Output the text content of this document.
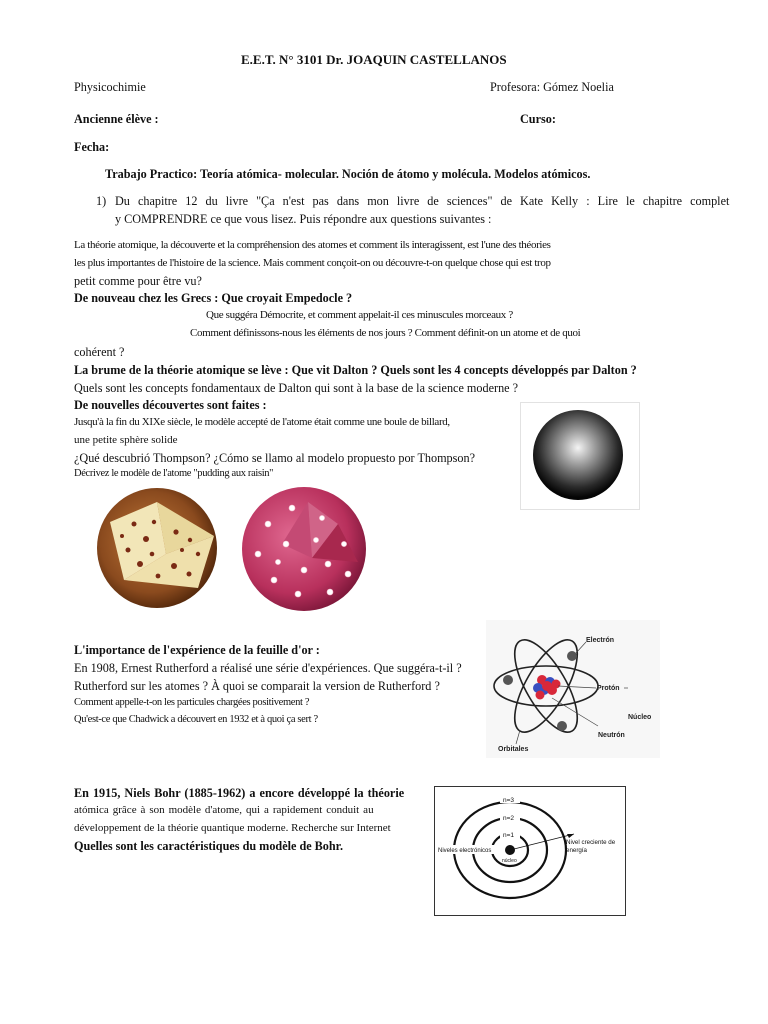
E.E.T. N° 3101 Dr. JOAQUIN CASTELLANOS
Physicochimie	Profesora: Gómez Noelia
Ancienne élève :	Curso:
Fecha:
Trabajo Practico: Teoría atómica- molecular. Noción de átomo y molécula. Modelos atómicos.
1) Du chapitre 12 du livre "Ça n'est pas dans mon livre de sciences" de Kate Kelly : Lire le chapitre complet
y COMPRENDRE ce que vous lisez. Puis répondre aux questions suivantes :
La théorie atomique, la découverte et la compréhension des atomes et comment ils interagissent, est l'une des théories
les plus importantes de l'histoire de la science. Mais comment conçoit-on ou découvre-t-on quelque chose qui est trop
petit comme pour être vu?
De nouveau chez les Grecs : Que croyait Empedocle ?
Que suggéra Démocrite, et comment appelait-il ces minuscules morceaux ?
Comment définissons-nous les éléments de nos jours ? Comment définit-on un atome et de quoi
cohérent ?
La brume de la théorie atomique se lève : Que vit Dalton ? Quels sont les 4 concepts développés par Dalton ?
Quels sont les concepts fondamentaux de Dalton qui sont à la base de la science moderne ?
De nouvelles découvertes sont faites :
Jusqu'à la fin du XIXe siècle, le modèle accepté de l'atome était comme une boule de billard,
une petite sphère solide
¿Qué descubrió Thompson? ¿Cómo se llamo al modelo propuesto por Thompson?
Décrivez le modèle de l'atome "pudding aux raisin"
L'importance de l'expérience de la feuille d'or :
En 1908, Ernest Rutherford a réalisé une série d'expériences. Que suggéra-t-il ?
Rutherford sur les atomes ? À quoi se comparait la version de Rutherford ?
Comment appelle-t-on les particules chargées positivement ?
Qu'est-ce que Chadwick a découvert en 1932 et à quoi ça sert ?
Electrón
Protón
Núcleo
Neutrón
Orbitales
En 1915, Niels Bohr (1885-1962) a encore développé la théorie
atómica grâce à son modèle d'atome, qui a rapidement conduit au
développement de la théorie quantique moderne. Recherche sur Internet
Quelles sont les caractéristiques du modèle de Bohr.
n=3
n=2
n=1
Niveles electrónicos
núcleo
Nivel creciente de
energía
